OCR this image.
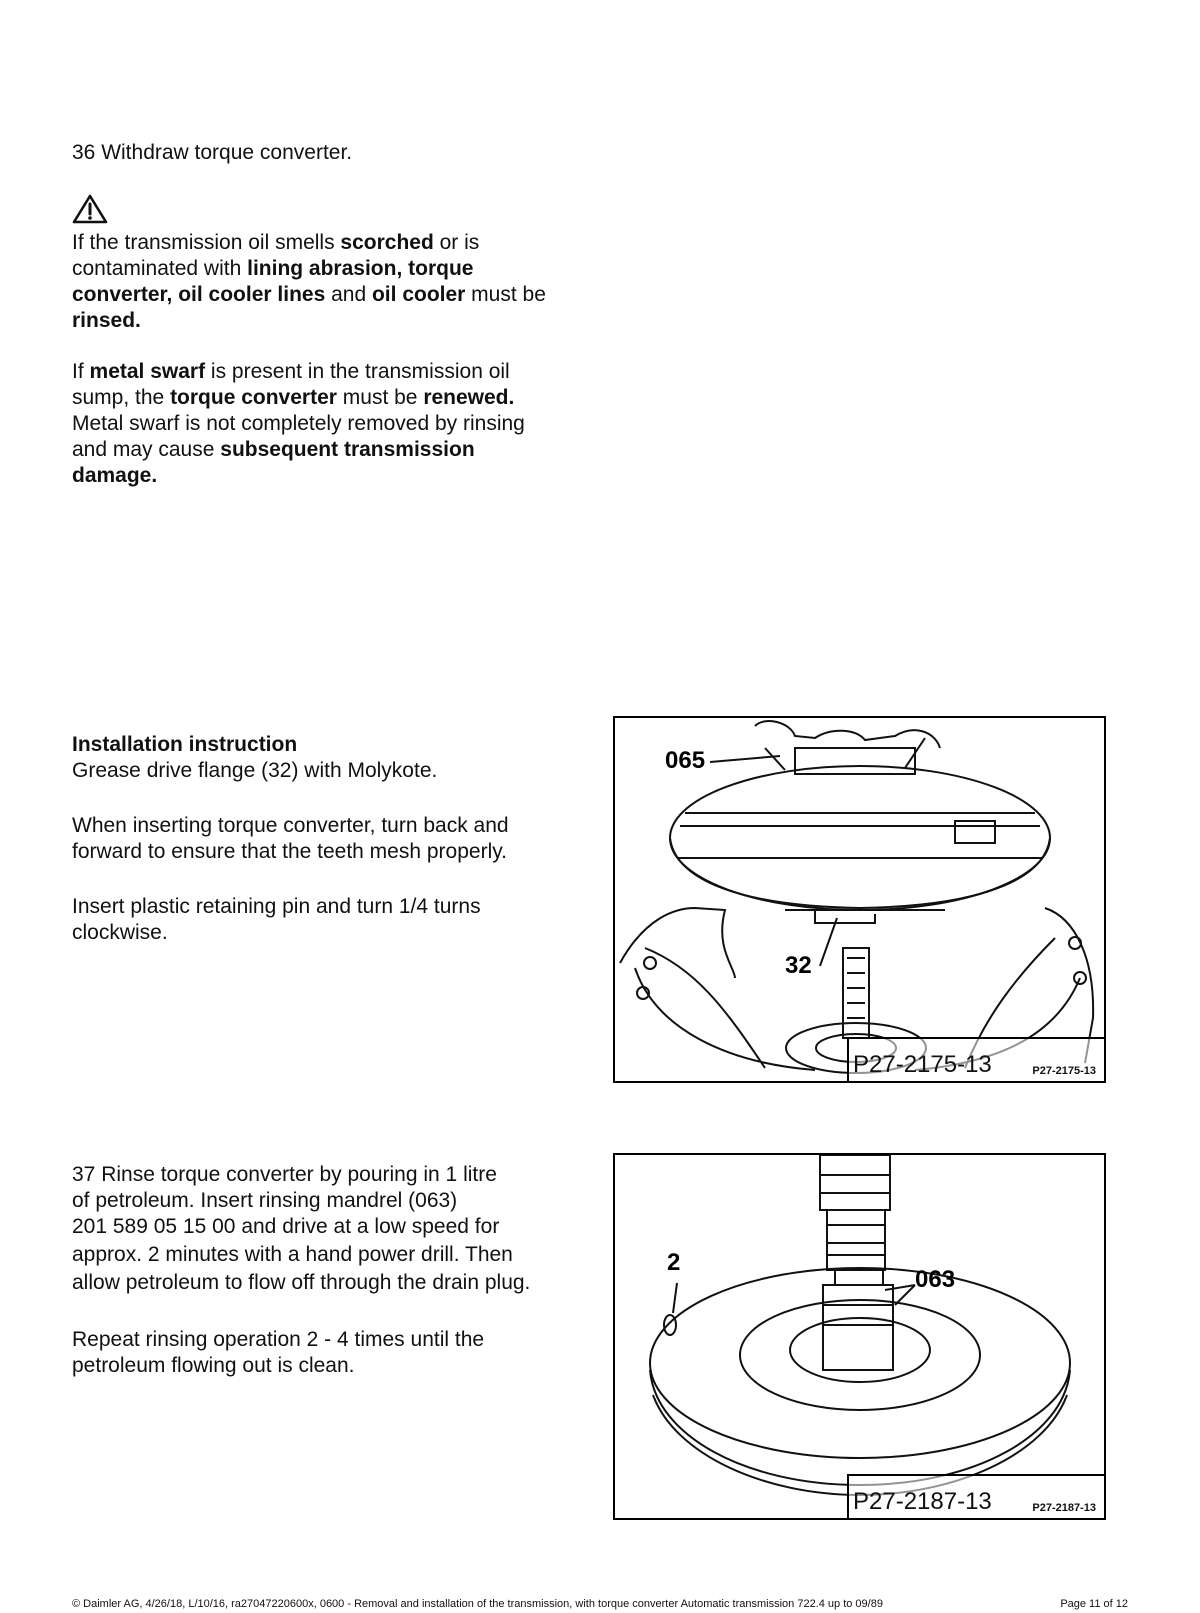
36 Withdraw torque converter.

If the transmission oil smells scorched or is contaminated with lining abrasion, torque converter, oil cooler lines and oil cooler must be rinsed.

If metal swarf is present in the transmission oil sump, the torque converter must be renewed. Metal swarf is not completely removed by rinsing and may cause subsequent transmission damage.

Installation instruction

Grease drive flange (32) with Molykote.

When inserting torque converter, turn back and forward to ensure that the teeth mesh properly.

Insert plastic retaining pin and turn 1/4 turns clockwise.

065
32
P27-2175-13	P27-2175-13

37 Rinse torque converter by pouring in 1 litre

of petroleum. Insert rinsing mandrel (063)

201 589 05 15 00 and drive at a low speed for

approx. 2 minutes with a hand power drill. Then

allow petroleum to flow off through the drain plug.

Repeat rinsing operation 2 - 4 times until the petroleum flowing out is clean.

2
063
P27-2187-13	P27-2187-13
© Daimler AG, 4/26/18, L/10/16, ra27047220600x, 0600 - Removal and installation of the transmission, with torque converter Automatic transmission 722.4 up to 09/89	Page 11 of 12
